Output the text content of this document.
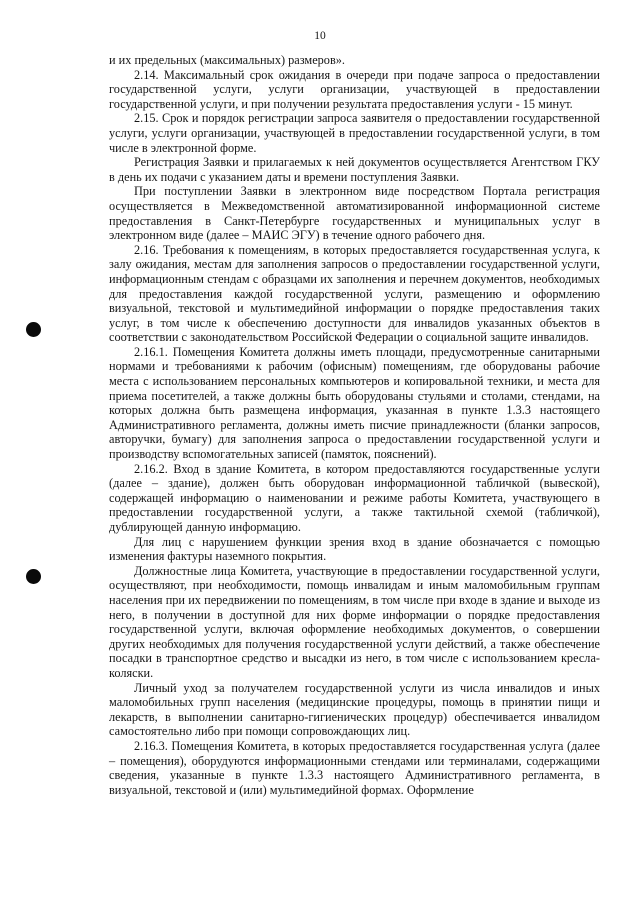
10

и их предельных (максимальных) размеров».

2.14. Максимальный срок ожидания в очереди при подаче запроса о предоставлении государственной услуги, услуги организации, участвующей в предоставлении государственной услуги, и при получении результата предоставления услуги - 15 минут.

2.15. Срок и порядок регистрации запроса заявителя о предоставлении государственной услуги, услуги организации, участвующей в предоставлении государственной услуги, в том числе в электронной форме.

Регистрация Заявки и прилагаемых к ней документов осуществляется Агентством ГКУ в день их подачи с указанием даты и времени поступления Заявки.

При поступлении Заявки в электронном виде посредством Портала регистрация осуществляется в Межведомственной автоматизированной информационной системе предоставления в Санкт-Петербурге государственных и муниципальных услуг в электронном виде (далее – МАИС ЭГУ) в течение одного рабочего дня.

2.16. Требования к помещениям, в которых предоставляется государственная услуга, к залу ожидания, местам для заполнения запросов о предоставлении государственной услуги, информационным стендам с образцами их заполнения и перечнем документов, необходимых для предоставления каждой государственной услуги, размещению и оформлению визуальной, текстовой и мультимедийной информации о порядке предоставления таких услуг, в том числе к обеспечению доступности для инвалидов указанных объектов в соответствии с законодательством Российской Федерации о социальной защите инвалидов.

2.16.1. Помещения Комитета должны иметь площади, предусмотренные санитарными нормами и требованиями к рабочим (офисным) помещениям, где оборудованы рабочие места с использованием персональных компьютеров и копировальной техники, и места для приема посетителей, а также должны быть оборудованы стульями и столами, стендами, на которых должна быть размещена информация, указанная в пункте 1.3.3 настоящего Административного регламента, должны иметь писчие принадлежности (бланки запросов, авторучки, бумагу) для заполнения запроса о предоставлении государственной услуги и производству вспомогательных записей (памяток, пояснений).

2.16.2. Вход в здание Комитета, в котором предоставляются государственные услуги (далее – здание), должен быть оборудован информационной табличкой (вывеской), содержащей информацию о наименовании и режиме работы Комитета, участвующего в предоставлении государственной услуги, а также тактильной схемой (табличкой), дублирующей данную информацию.

Для лиц с нарушением функции зрения вход в здание обозначается с помощью изменения фактуры наземного покрытия.

Должностные лица Комитета, участвующие в предоставлении государственной услуги, осуществляют, при необходимости, помощь инвалидам и иным маломобильным группам населения при их передвижении по помещениям, в том числе при входе в здание и выходе из него, в получении в доступной для них форме информации о порядке предоставления государственной услуги, включая оформление необходимых документов, о совершении других необходимых для получения государственной услуги действий, а также обеспечение посадки в транспортное средство и высадки из него, в том числе с использованием кресла-коляски.

Личный уход за получателем государственной услуги из числа инвалидов и иных маломобильных групп населения (медицинские процедуры, помощь в принятии пищи и лекарств, в выполнении санитарно-гигиенических процедур) обеспечивается инвалидом самостоятельно либо при помощи сопровождающих лиц.

2.16.3. Помещения Комитета, в которых предоставляется государственная услуга (далее – помещения), оборудуются информационными стендами или терминалами, содержащими сведения, указанные в пункте 1.3.3 настоящего Административного регламента, в визуальной, текстовой и (или) мультимедийной формах. Оформление
